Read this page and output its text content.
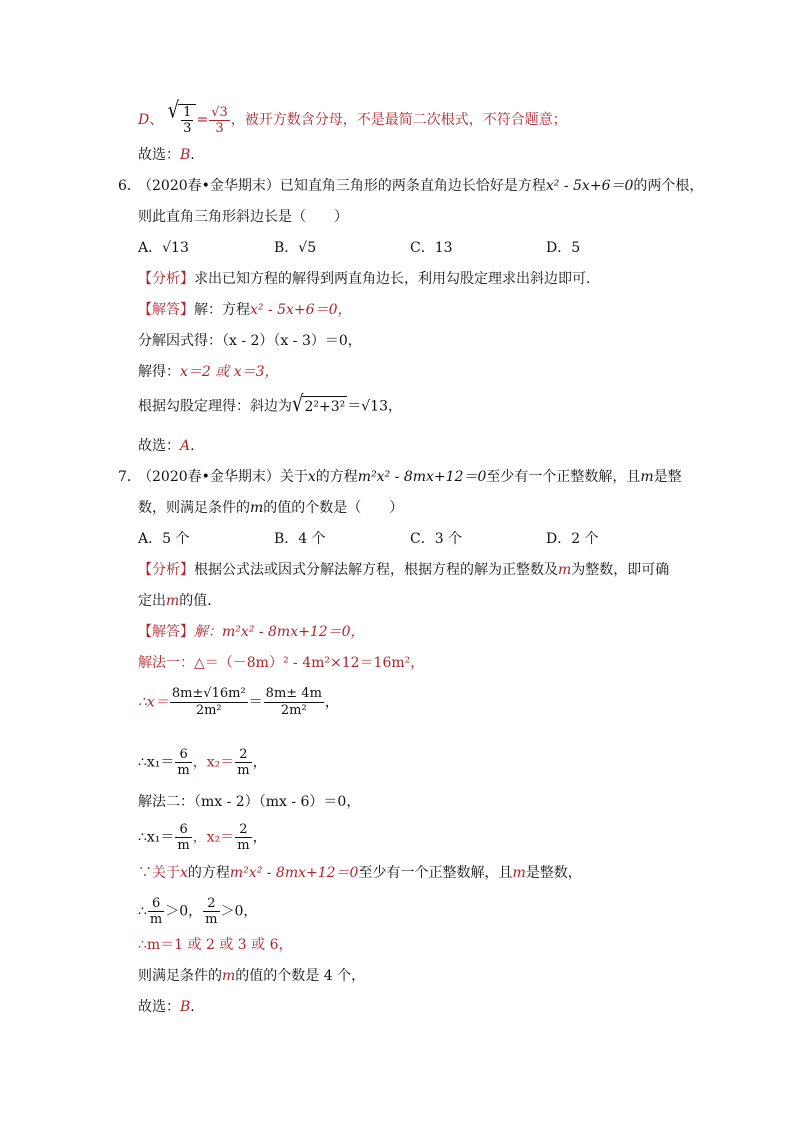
D、 √ $\frac{1}{3} = \frac{√3}{3}$ ，被开方数含分母，不是最简二次根式，不符合题意；
故选：B.
6．
（2020春•金华期末）已知直角三角形的两条直角边长恰好是方程x² - 5x+6＝0的两个根，
则此直角三角形斜边长是（　　）
A．√13	B．√5	C．13	D．5
【分析】求出已知方程的解得到两直角边长，利用勾股定理求出斜边即可．
【解答】解：方程x² - 5x+6＝0，
分解因式得：（x - 2）（x - 3）＝0，
解得：x＝2 或 x＝3，
根据勾股定理得：斜边为 √ 2²+3² ＝√13，
故选：A.
7．
（2020春•金华期末）关于x的方程m²x² - 8mx+12＝0至少有一个正整数解，且m是整
数，则满足条件的m的值的个数是（　　）
A．5 个	B．4 个	C．3 个	D．2 个
【分析】根据公式法或因式分解法解方程，根据方程的解为正整数及m为整数，即可确
定出m的值．
【解答】解：m²x² - 8mx+12＝0，
解法一：△＝（－8m）² - 4m²×12＝16m²，
∴x＝ $\frac{\text{8m±√16m²}}{\text{2m²}} = \frac{8m\pm 4m}{\text{2m²}}$ ，
∴x₁＝ $\frac{6}{m}$ ，$x_2= \frac{2}{m}$ ，
解法二：（mx - 2）（mx - 6）＝0，
∴x₁＝ $\frac{6}{m}$ ，$x_2= \frac{2}{m}$ ，
∵关于x的方程m²x² - 8mx+12＝0至少有一个正整数解，且m是整数，
∴ $\frac{6}{m} >0$， $\frac{2}{m} >0$，
∴m＝1 或 2 或 3 或 6，
则满足条件的m的值的个数是 4 个，
故选：B.
